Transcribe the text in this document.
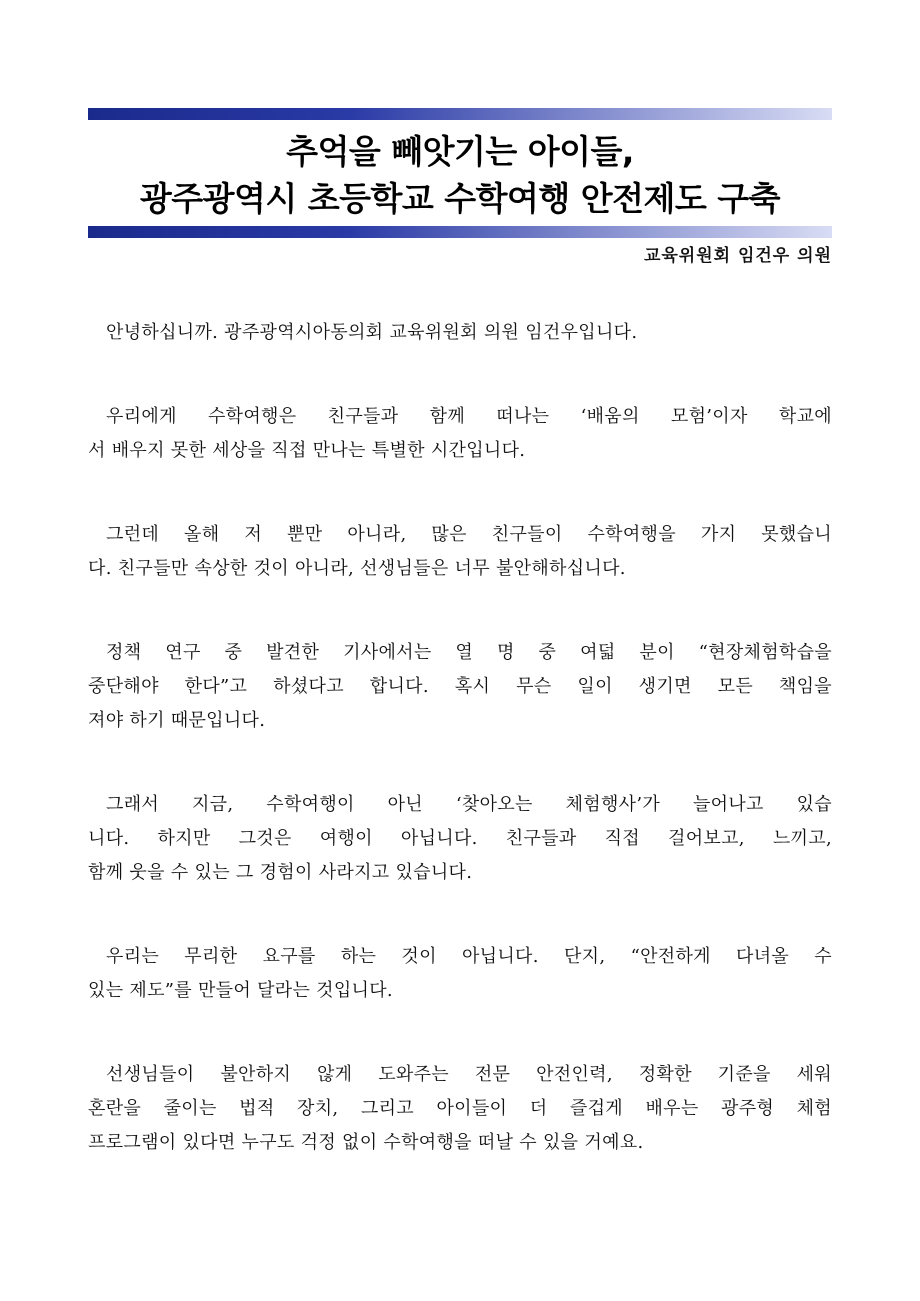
추억을 빼앗기는 아이들,
광주광역시 초등학교 수학여행 안전제도 구축
교육위원회 임건우 의원
안녕하십니까. 광주광역시아동의회 교육위원회 의원 임건우입니다.
우리에게 수학여행은 친구들과 함께 떠나는 ‘배움의 모험’이자 학교에
서 배우지 못한 세상을 직접 만나는 특별한 시간입니다.
그런데 올해 저 뿐만 아니라, 많은 친구들이 수학여행을 가지 못했습니
다. 친구들만 속상한 것이 아니라, 선생님들은 너무 불안해하십니다.
정책 연구 중 발견한 기사에서는 열 명 중 여덟 분이 “현장체험학습을
중단해야 한다”고 하셨다고 합니다. 혹시 무슨 일이 생기면 모든 책임을
져야 하기 때문입니다.
그래서 지금, 수학여행이 아닌 ‘찾아오는 체험행사’가 늘어나고 있습
니다. 하지만 그것은 여행이 아닙니다. 친구들과 직접 걸어보고, 느끼고,
함께 웃을 수 있는 그 경험이 사라지고 있습니다.
우리는 무리한 요구를 하는 것이 아닙니다. 단지, “안전하게 다녀올 수
있는 제도”를 만들어 달라는 것입니다.
선생님들이 불안하지 않게 도와주는 전문 안전인력, 정확한 기준을 세워
혼란을 줄이는 법적 장치, 그리고 아이들이 더 즐겁게 배우는 광주형 체험
프로그램이 있다면 누구도 걱정 없이 수학여행을 떠날 수 있을 거예요.
